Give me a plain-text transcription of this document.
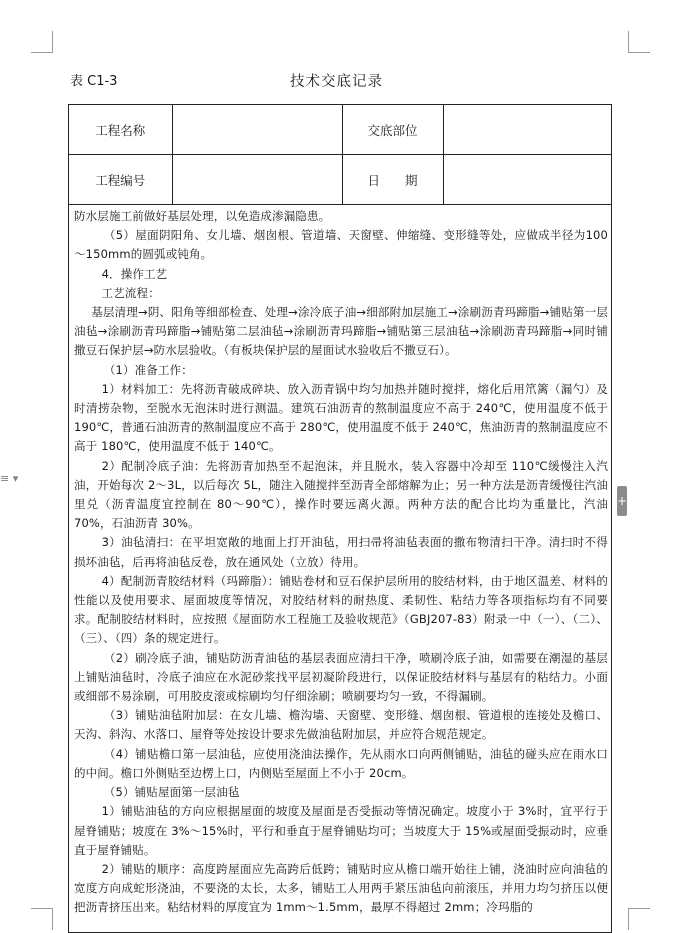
≡ ▾
+
表 C1-3	技术交底记录
工程名称		交底部位	
工程编号		日　　期	

防水层施工前做好基层处理，以免造成渗漏隐患。

（5）屋面阴阳角、女儿墙、烟囱根、管道墙、天窗壁、伸缩缝、变形缝等处，应做成半径为100～150mm的圆弧或钝角。

4．操作工艺

工艺流程：

基层清理→阴、阳角等细部检查、处理→涂冷底子油→细部附加层施工→涂刷沥青玛蹄脂→铺贴第一层油毡→涂刷沥青玛蹄脂→铺贴第二层油毡→涂刷沥青玛蹄脂→铺贴第三层油毡→涂刷沥青玛蹄脂→同时铺撒豆石保护层→防水层验收。（有板块保护层的屋面试水验收后不撒豆石）。

（1）准备工作：

1）材料加工：先将沥青破成碎块、放入沥青锅中均匀加热并随时搅拌，熔化后用笊篱（漏勺）及时清捞杂物，至脱水无泡沫时进行测温。建筑石油沥青的熬制温度应不高于 240℃，使用温度不低于 190℃，普通石油沥青的熬制温度应不高于 280℃，使用温度不低于 240℃，焦油沥青的熬制温度应不高于 180℃，使用温度不低于 140℃。

2）配制冷底子油：先将沥青加热至不起泡沫，并且脱水，装入容器中冷却至 110℃缓慢注入汽油，开始每次 2～3L，以后每次 5L，随注入随搅拌至沥青全部熔解为止；另一种方法是沥青缓慢往汽油里兑（沥青温度宜控制在 80～90℃），操作时要远离火源。两种方法的配合比均为重量比，汽油 70%，石油沥青 30%。

3）油毡清扫：在平坦宽敞的地面上打开油毡，用扫帚将油毡表面的撒布物清扫干净。清扫时不得损坏油毡，后再将油毡反卷，放在通风处（立放）待用。

4）配制沥青胶结材料（玛蹄脂）：铺贴卷材和豆石保护层所用的胶结材料，由于地区温差、材料的性能以及使用要求、屋面坡度等情况，对胶结材料的耐热度、柔韧性、粘结力等各项指标均有不同要求。配制胶结材料时，应按照《屋面防水工程施工及验收规范》（GBJ207-83）附录一中（一）、（二）、（三）、（四）条的规定进行。

（2）刷冷底子油，铺贴防沥青油毡的基层表面应清扫干净，喷刷冷底子油，如需要在潮湿的基层上铺贴油毡时，冷底子油应在水泥砂浆找平层初凝阶段进行，以保证胶结材料与基层有的粘结力。小面或细部不易涂刷，可用胶皮滚或棕刷均匀仔细涂刷；喷刷要均匀一致，不得漏刷。

（3）铺贴油毡附加层：在女儿墙、檐沟墙、天窗壁、变形缝、烟囱根、管道根的连接处及檐口、天沟、斜沟、水落口、屋脊等处按设计要求先做油毡附加层，并应符合规范规定。

（4）铺贴檐口第一层油毡，应使用浇油法操作，先从雨水口向两侧铺贴，油毡的碰头应在雨水口的中间。檐口外侧贴至边楞上口，内侧贴至屋面上不小于 20cm。

（5）铺贴屋面第一层油毡

1）铺贴油毡的方向应根据屋面的坡度及屋面是否受振动等情况确定。坡度小于 3%时，宜平行于屋脊铺贴；坡度在 3%～15%时，平行和垂直于屋脊铺贴均可；当坡度大于 15%或屋面受振动时，应垂直于屋脊铺贴。

2）铺贴的顺序：高度跨屋面应先高跨后低跨；铺贴时应从檐口端开始往上铺，浇油时应向油毡的宽度方向成蛇形浇油，不要浇的太长，太多，铺贴工人用两手紧压油毡向前滚压，并用力均匀挤压以便把沥青挤压出来。粘结材料的厚度宜为 1mm～1.5mm，最厚不得超过 2mm；冷玛脂的
